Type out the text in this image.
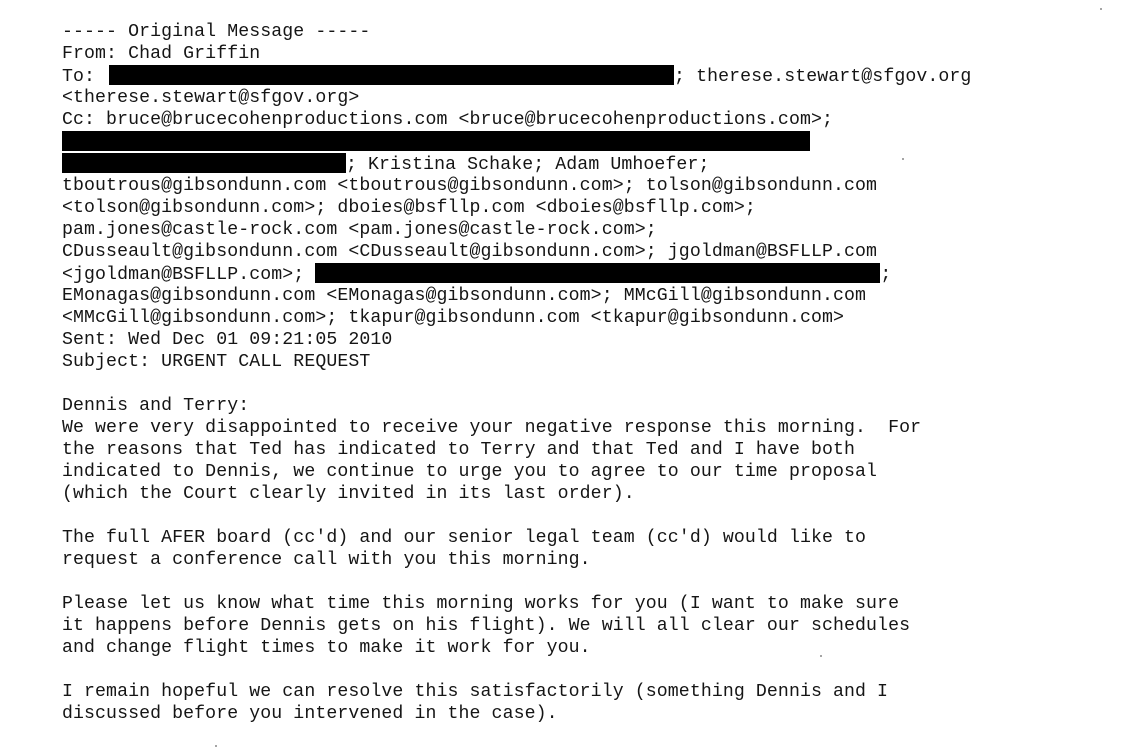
----- Original Message -----
From: Chad Griffin
To:	; therese.stewart@sfgov.org
<therese.stewart@sfgov.org>
Cc: bruce@brucecohenproductions.com <bruce@brucecohenproductions.com>;
; Kristina Schake; Adam Umhoefer;
tboutrous@gibsondunn.com <tboutrous@gibsondunn.com>; tolson@gibsondunn.com
<tolson@gibsondunn.com>; dboies@bsfllp.com <dboies@bsfllp.com>;
pam.jones@castle-rock.com <pam.jones@castle-rock.com>;
CDusseault@gibsondunn.com <CDusseault@gibsondunn.com>; jgoldman@BSFLLP.com
<jgoldman@BSFLLP.com>;	;
EMonagas@gibsondunn.com <EMonagas@gibsondunn.com>; MMcGill@gibsondunn.com
<MMcGill@gibsondunn.com>; tkapur@gibsondunn.com <tkapur@gibsondunn.com>
Sent: Wed Dec 01 09:21:05 2010
Subject: URGENT CALL REQUEST
Dennis and Terry:
We were very disappointed to receive your negative response this morning.  For
the reasons that Ted has indicated to Terry and that Ted and I have both
indicated to Dennis, we continue to urge you to agree to our time proposal
(which the Court clearly invited in its last order).
The full AFER board (cc'd) and our senior legal team (cc'd) would like to
request a conference call with you this morning.
Please let us know what time this morning works for you (I want to make sure
it happens before Dennis gets on his flight). We will all clear our schedules
and change flight times to make it work for you.
I remain hopeful we can resolve this satisfactorily (something Dennis and I
discussed before you intervened in the case).
